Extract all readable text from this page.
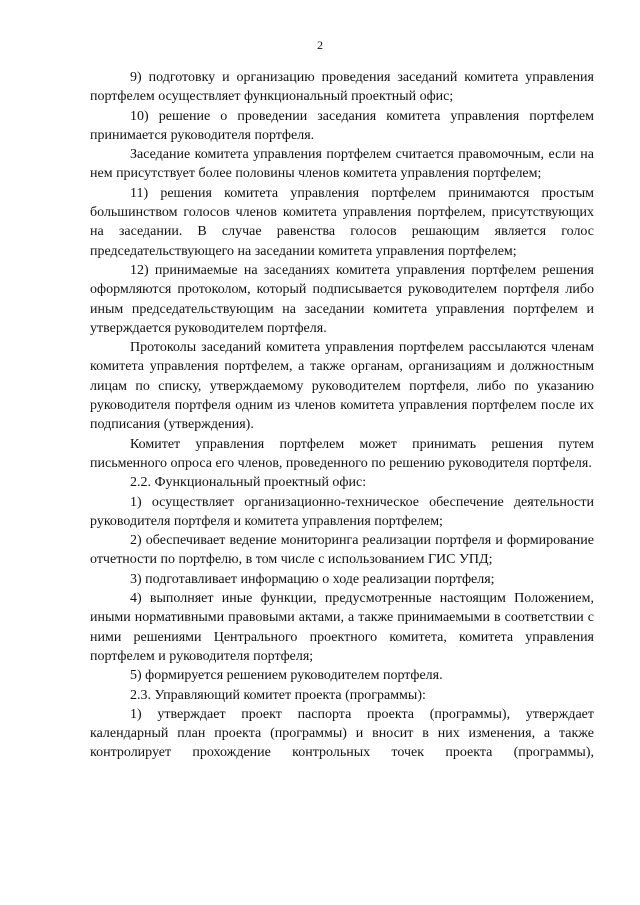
2

9) подготовку и организацию проведения заседаний комитета управления портфелем осуществляет функциональный проектный офис;

10) решение о проведении заседания комитета управления портфелем принимается руководителя портфеля.

Заседание комитета управления портфелем считается правомочным, если на нем присутствует более половины членов комитета управления портфелем;

11) решения комитета управления портфелем принимаются простым большинством голосов членов комитета управления портфелем, присутствующих на заседании. В случае равенства голосов решающим является голос председательствующего на заседании комитета управления портфелем;

12) принимаемые на заседаниях комитета управления портфелем решения оформляются протоколом, который подписывается руководителем портфеля либо иным председательствующим на заседании комитета управления портфелем и утверждается руководителем портфеля.

Протоколы заседаний комитета управления портфелем рассылаются членам комитета управления портфелем, а также органам, организациям и должностным лицам по списку, утверждаемому руководителем портфеля, либо по указанию руководителя портфеля одним из членов комитета управления портфелем после их подписания (утверждения).

Комитет управления портфелем может принимать решения путем письменного опроса его членов, проведенного по решению руководителя портфеля.

2.2. Функциональный проектный офис:

1) осуществляет организационно-техническое обеспечение деятельности руководителя портфеля и комитета управления портфелем;

2) обеспечивает ведение мониторинга реализации портфеля и формирование отчетности по портфелю, в том числе с использованием ГИС УПД;

3) подготавливает информацию о ходе реализации портфеля;

4) выполняет иные функции, предусмотренные настоящим Положением, иными нормативными правовыми актами, а также принимаемыми в соответствии с ними решениями Центрального проектного комитета, комитета управления портфелем и руководителя портфеля;

5) формируется решением руководителем портфеля.

2.3. Управляющий комитет проекта (программы):

1) утверждает проект паспорта проекта (программы), утверждает календарный план проекта (программы) и вносит в них изменения, а также контролирует прохождение контрольных точек проекта (программы),
